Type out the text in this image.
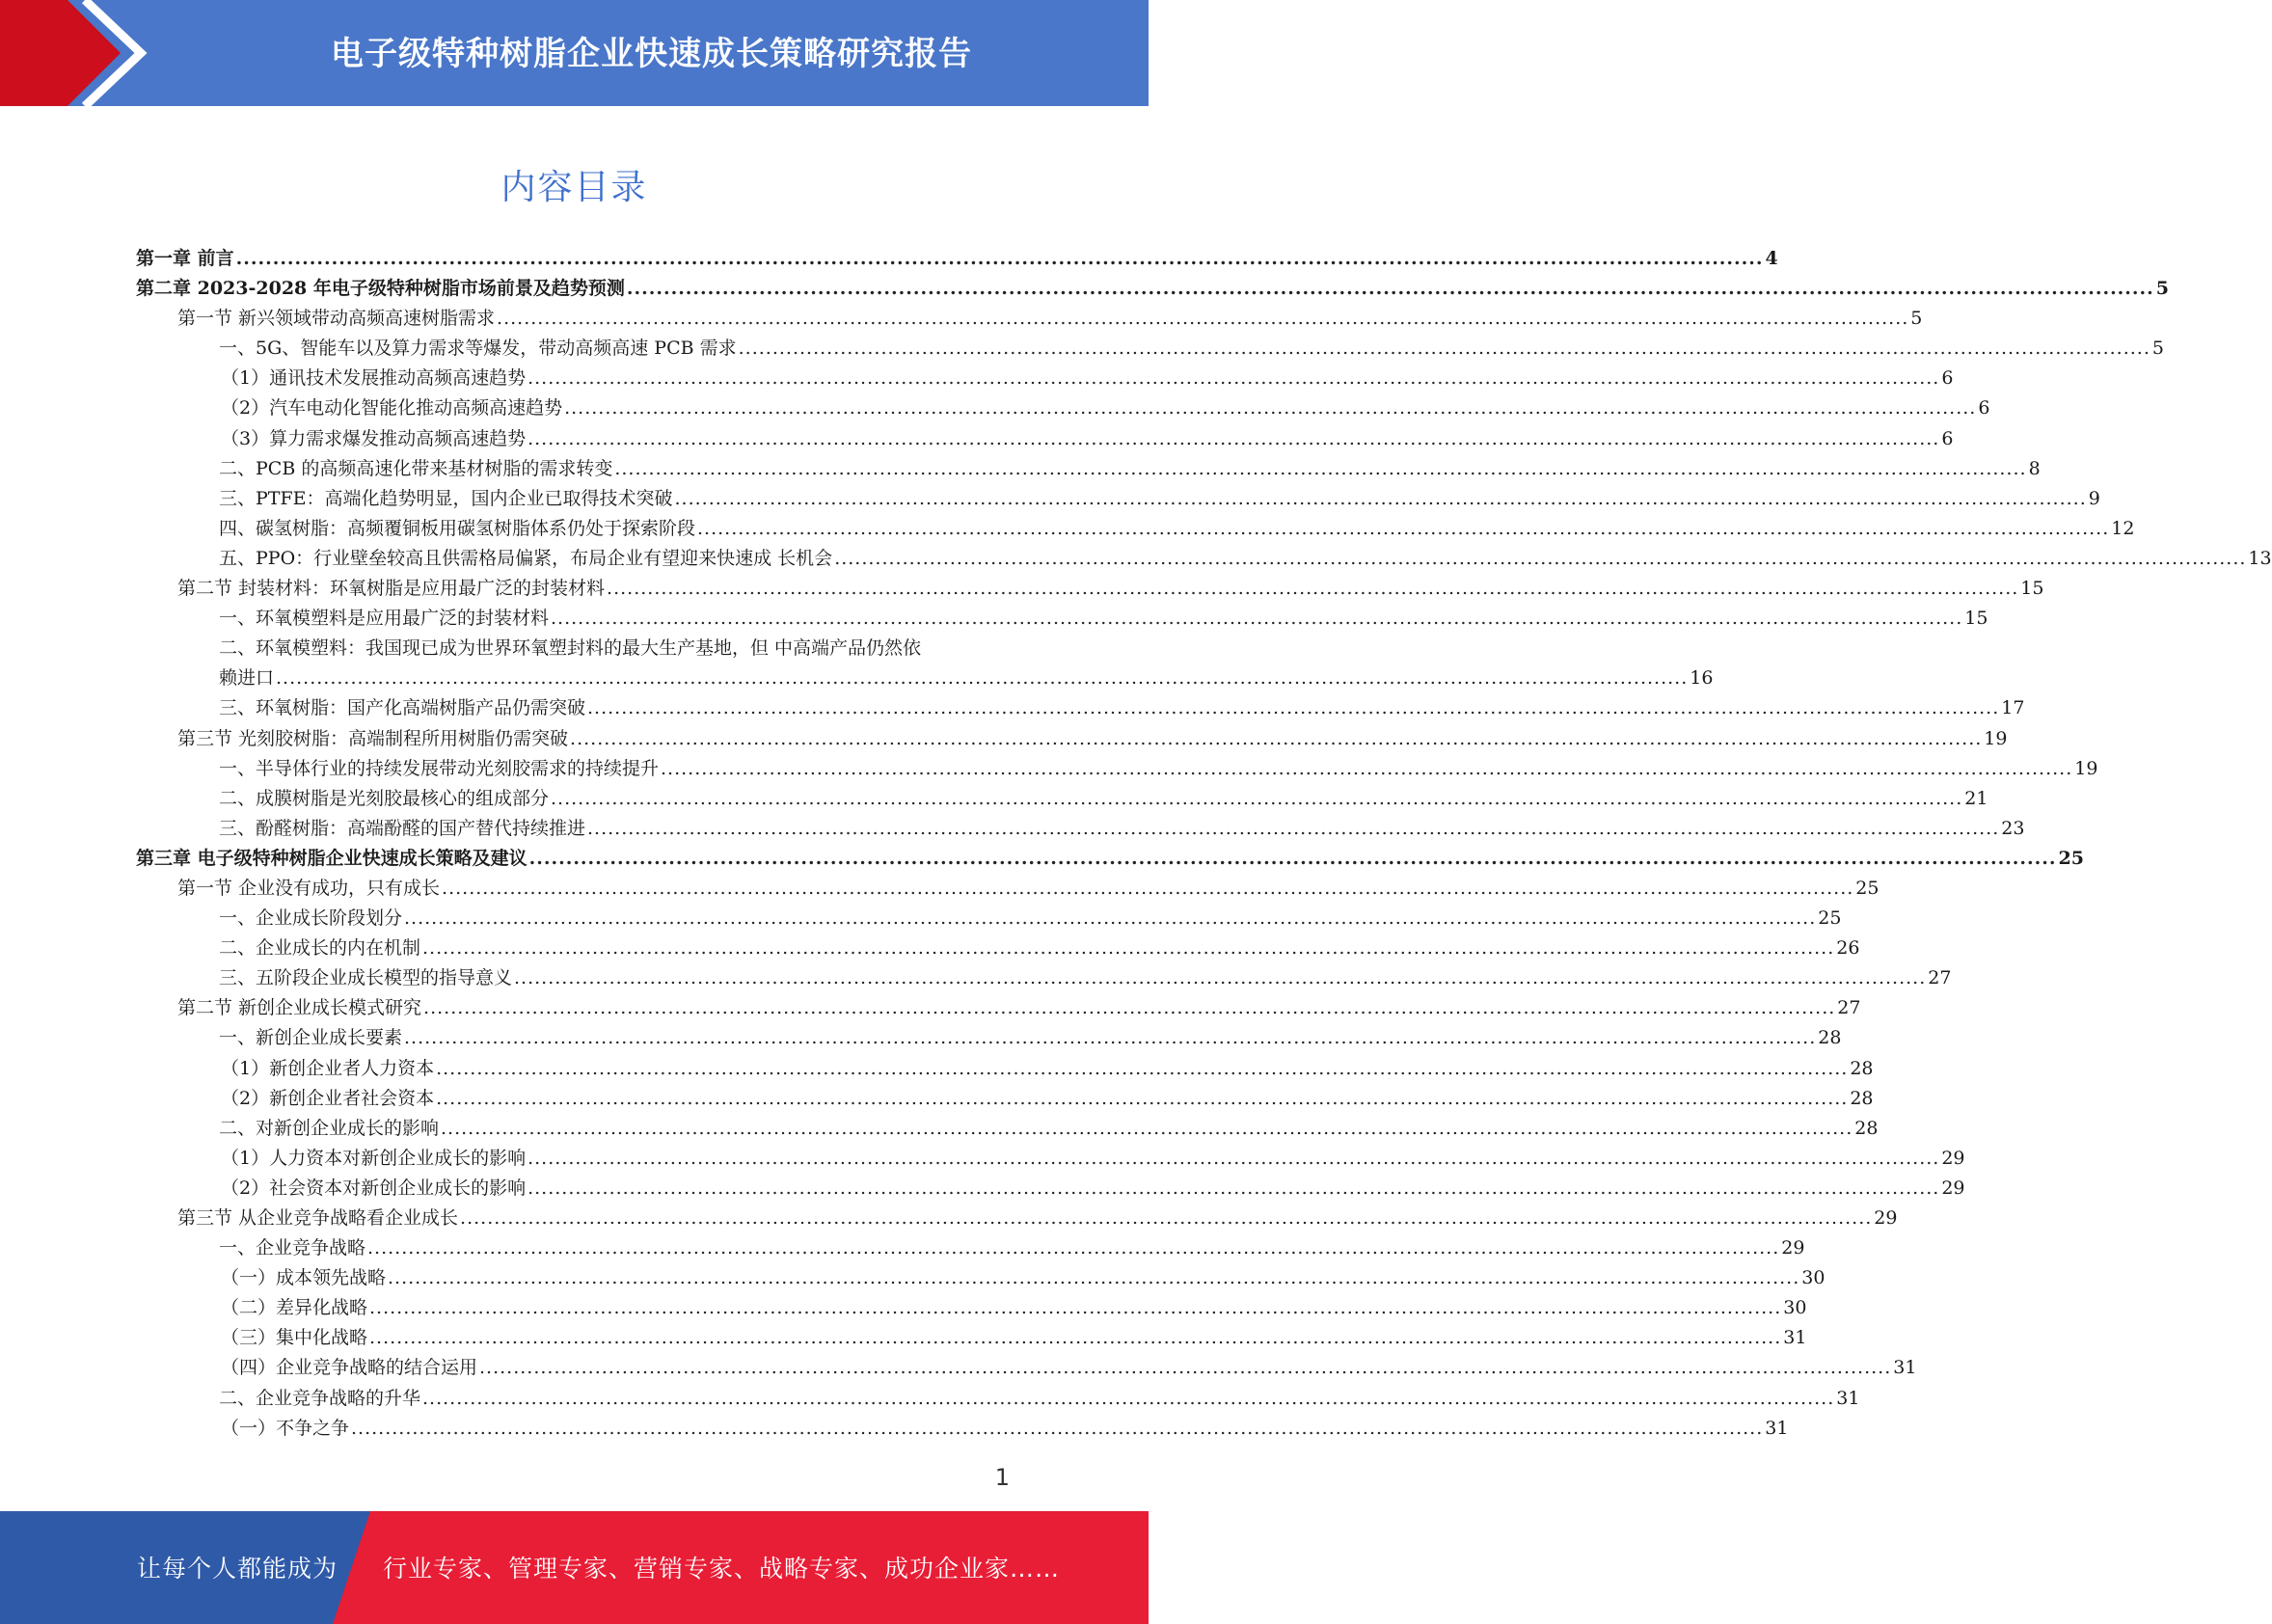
电子级特种树脂企业快速成长策略研究报告
内容目录
第一章 前言 .....	4
第二章 2023-2028 年电子级特种树脂市场前景及趋势预测 .....	5
第一节 新兴领域带动高频高速树脂需求 .....	5
一、5G、智能车以及算力需求等爆发，带动高频高速 PCB 需求 .....	5
（1）通讯技术发展推动高频高速趋势 .....	6
（2）汽车电动化智能化推动高频高速趋势 .....	6
（3）算力需求爆发推动高频高速趋势 .....	6
二、PCB 的高频高速化带来基材树脂的需求转变 .....	8
三、PTFE：高端化趋势明显，国内企业已取得技术突破 .....	9
四、碳氢树脂：高频覆铜板用碳氢树脂体系仍处于探索阶段 .....	12
五、PPO：行业壁垒较高且供需格局偏紧，布局企业有望迎来快速成 长机会 .....	13
第二节 封装材料：环氧树脂是应用最广泛的封装材料 .....	15
一、环氧模塑料是应用最广泛的封装材料 .....	15
二、环氧模塑料：我国现已成为世界环氧塑封料的最大生产基地，但 中高端产品仍然依
赖进口 .....	16
三、环氧树脂：国产化高端树脂产品仍需突破 .....	17
第三节 光刻胶树脂：高端制程所用树脂仍需突破 .....	19
一、半导体行业的持续发展带动光刻胶需求的持续提升 .....	19
二、成膜树脂是光刻胶最核心的组成部分 .....	21
三、酚醛树脂：高端酚醛的国产替代持续推进 .....	23
第三章 电子级特种树脂企业快速成长策略及建议 .....	25
第一节 企业没有成功，只有成长 .....	25
一、企业成长阶段划分 .....	25
二、企业成长的内在机制 .....	26
三、五阶段企业成长模型的指导意义 .....	27
第二节 新创企业成长模式研究 .....	27
一、新创企业成长要素 .....	28
（1）新创企业者人力资本 .....	28
（2）新创企业者社会资本 .....	28
二、对新创企业成长的影响 .....	28
（1）人力资本对新创企业成长的影响 .....	29
（2）社会资本对新创企业成长的影响 .....	29
第三节 从企业竞争战略看企业成长 .....	29
一、企业竞争战略 .....	29
（一）成本领先战略 .....	30
（二）差异化战略 .....	30
（三）集中化战略 .....	31
（四）企业竞争战略的结合运用 .....	31
二、企业竞争战略的升华 .....	31
（一）不争之争 .....	31
1
让每个人都能成为 行业专家、管理专家、营销专家、战略专家、成功企业家……
